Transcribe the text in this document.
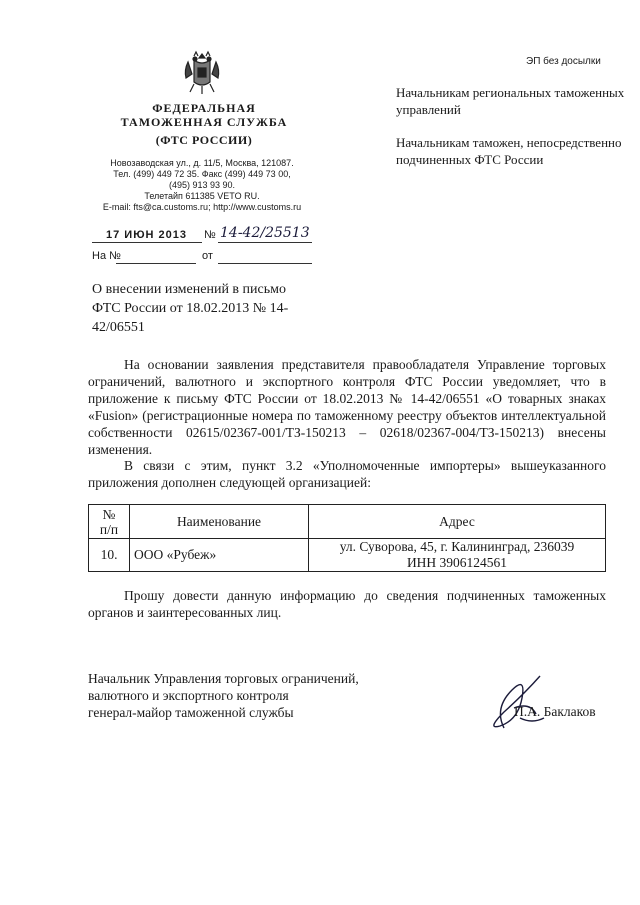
ЭП без досылки
Начальникам региональных таможенных управлений
Начальникам таможен, непосредственно подчиненных ФТС России
ФЕДЕРАЛЬНАЯ
ТАМОЖЕННАЯ СЛУЖБА
(ФТС РОССИИ)
Новозаводская ул., д. 11/5, Москва, 121087.
Тел. (499) 449 72 35. Факс (499) 449 73 00,
(495) 913 93 90.
Телетайп 611385 VETO RU.
E-mail: fts@ca.customs.ru; http://www.customs.ru
17 ИЮН 2013 № 14-42/25513
На №	от
О внесении изменений в письмо ФТС России от 18.02.2013 № 14-42/06551
На основании заявления представителя правообладателя Управление торговых ограничений, валютного и экспортного контроля ФТС России уведомляет, что в приложение к письму ФТС России от 18.02.2013 № 14-42/06551 «О товарных знаках «Fusion» (регистрационные номера по таможенному реестру объектов интеллектуальной собственности 02615/02367-001/ТЗ-150213 – 02618/02367-004/ТЗ-150213) внесены изменения.
В связи с этим, пункт 3.2 «Уполномоченные импортеры» вышеуказанного приложения дополнен следующей организацией:
№
п/п	Наименование	Адрес
10.	ООО «Рубеж»	ул. Суворова, 45, г. Калининград, 236039
ИНН 3906124561
Прошу довести данную информацию до сведения подчиненных таможенных органов и заинтересованных лиц.
Начальник Управления торговых ограничений,
валютного и экспортного контроля
генерал-майор таможенной службы	П.А. Баклаков
